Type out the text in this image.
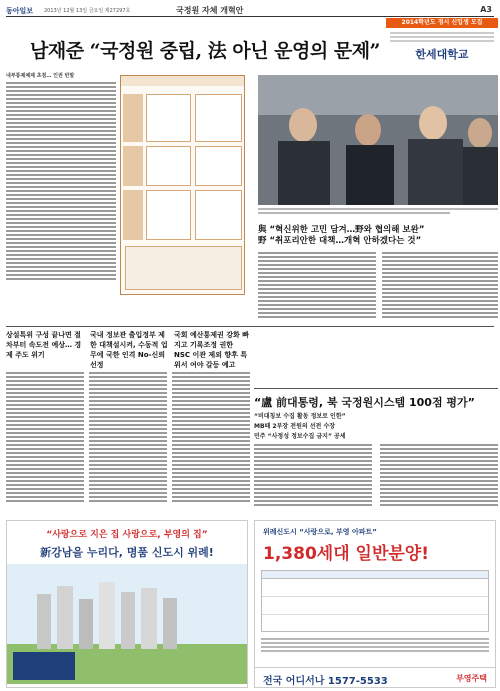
동아일보 2013년 12월 13일 금요일 제27297호	국정원 자체 개혁안	A3
남재준 “국정원 중립, 法 아닌 운영의 문제”
2014학년도 정시 신입생 모집
한세대학교
내부통제체제 초점… 인권 빈말

與 “혁신위한 고민 담겨…野와 협의해 보완”
野 “취포리안한 대책…개혁 안하겠다는 것”
상설특위 구성 끝나면 절차부터 속도전 예상… 경제 주도 위기
국내 정보관 출입정부 제한 대책설시켜, 수동적 업무에 국한 인격 No-신뢰 선정
국회 예산통제권 강화 빠지고 기록조정 권한 NSC 이관 제외 향후 특위서 여야 갈등 예고
“盧 前대통령, 북 국정원시스템 100점 평가”
“비대칭보 수집 활동 정보로 인한”
MB때 2부장 전원의 선전 수장
민주 “사정성 정보수집 금지” 공세
“사랑으로 지은 집 사랑으로, 부영의 집”
新강남을 누리다, 명품 신도시 위례!
위례신도시 “사랑으로, 부영 아파트”
1,380세대 일반분양!
전국 어디서나 1577-5533	부영주택
